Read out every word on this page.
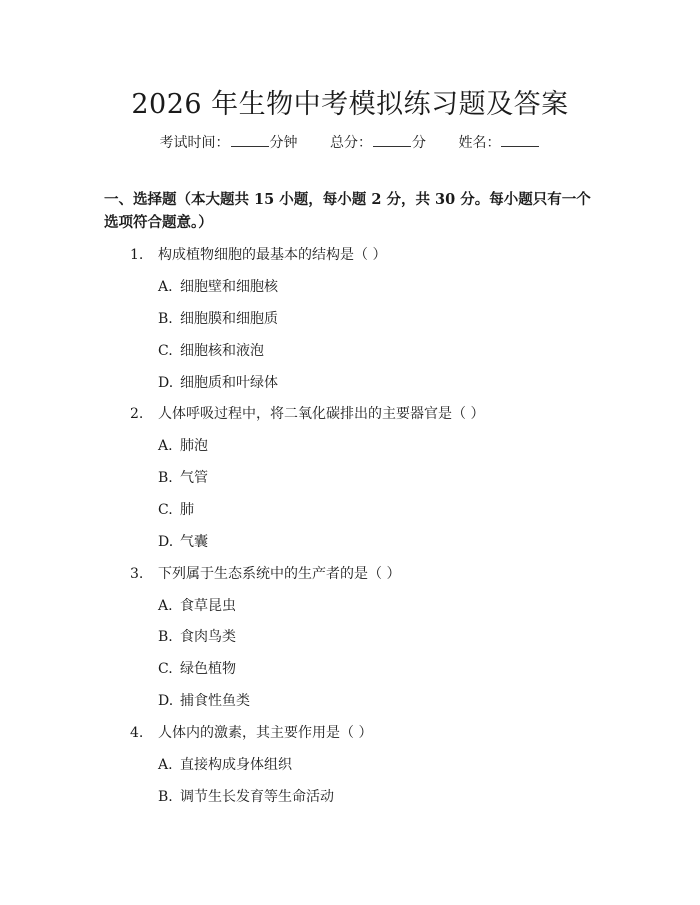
2026 年生物中考模拟练习题及答案
考试时间：	分钟 总分：	分 姓名：
一、选择题（本大题共 15 小题，每小题 2 分，共 30 分。每小题只有一个选项符合题意。）
1. 构成植物细胞的最基本的结构是（ ）
A. 细胞壁和细胞核
B. 细胞膜和细胞质
C. 细胞核和液泡
D. 细胞质和叶绿体
2. 人体呼吸过程中，将二氧化碳排出的主要器官是（ ）
A. 肺泡
B. 气管
C. 肺
D. 气囊
3. 下列属于生态系统中的生产者的是（ ）
A. 食草昆虫
B. 食肉鸟类
C. 绿色植物
D. 捕食性鱼类
4. 人体内的激素，其主要作用是（ ）
A. 直接构成身体组织
B. 调节生长发育等生命活动
